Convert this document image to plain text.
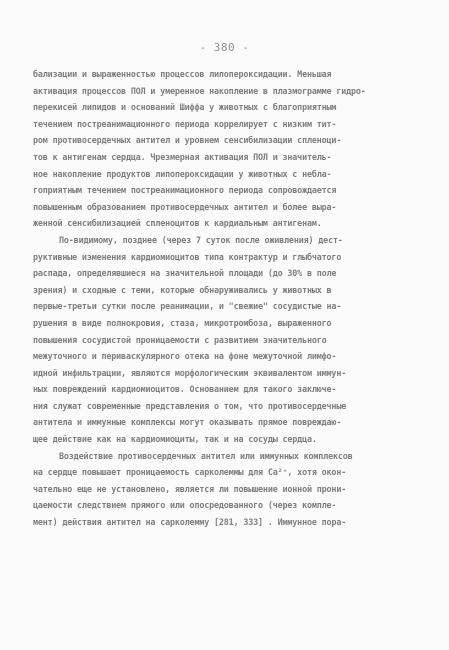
- 380 -
бализации и выраженностью процессов липопероксидации. Меньшая
активация процессов ПОЛ и умеренное накопление в плазмограмме гидро-
перекисей липидов и оснований Шиффа у животных с благоприятным
течением постреанимационного периода коррелирует с низким тит-
ром противосердечных антител и уровнем сенсибилизации спленоци-
тов к антигенам сердца. Чрезмерная активация ПОЛ и значитель-
ное накопление продуктов липопероксидации у животных с небла-
гоприятным течением постреанимационного периода сопровождается
повышенным образованием противосердечных антител и более выра-
женной сенсибилизацией спленоцитов к кардиальным антигенам.
По-видимому, позднее (через 7 суток после оживления) дест-
руктивные изменения кардиомиоцитов типа контрактур и глыбчатого
распада, определявшиеся на значительной площади (до 30% в поле
зрения) и сходные с теми, которые обнаруживались у животных в
первые-третьи сутки после реанимации, и "свежие" сосудистые на-
рушения в виде полнокровия, стаза, микротромбоза, выраженного
повышения сосудистой проницаемости с развитием значительного
межуточного и периваскулярного отека на фоне межуточной лимфо-
идной инфильтрации, являются морфологическим эквивалентом иммун-
ных повреждений кардиомиоцитов. Основанием для такого заключе-
ния служат современные представления о том, что противосердечные
антитела и иммунные комплексы могут оказывать прямое повреждаю-
щее действие как на кардиомиоциты, так и на сосуды сердца.
Воздействие противосердечных антител или иммунных комплексов
на сердце повышает проницаемость сарколеммы для Ca²⁺, хотя окон-
чательно еще не установлено, является ли повышение ионной прони-
цаемости следствием прямого или опосредованного (через компле-
мент) действия антител на сарколемму [281, 333] . Иммунное пора-
